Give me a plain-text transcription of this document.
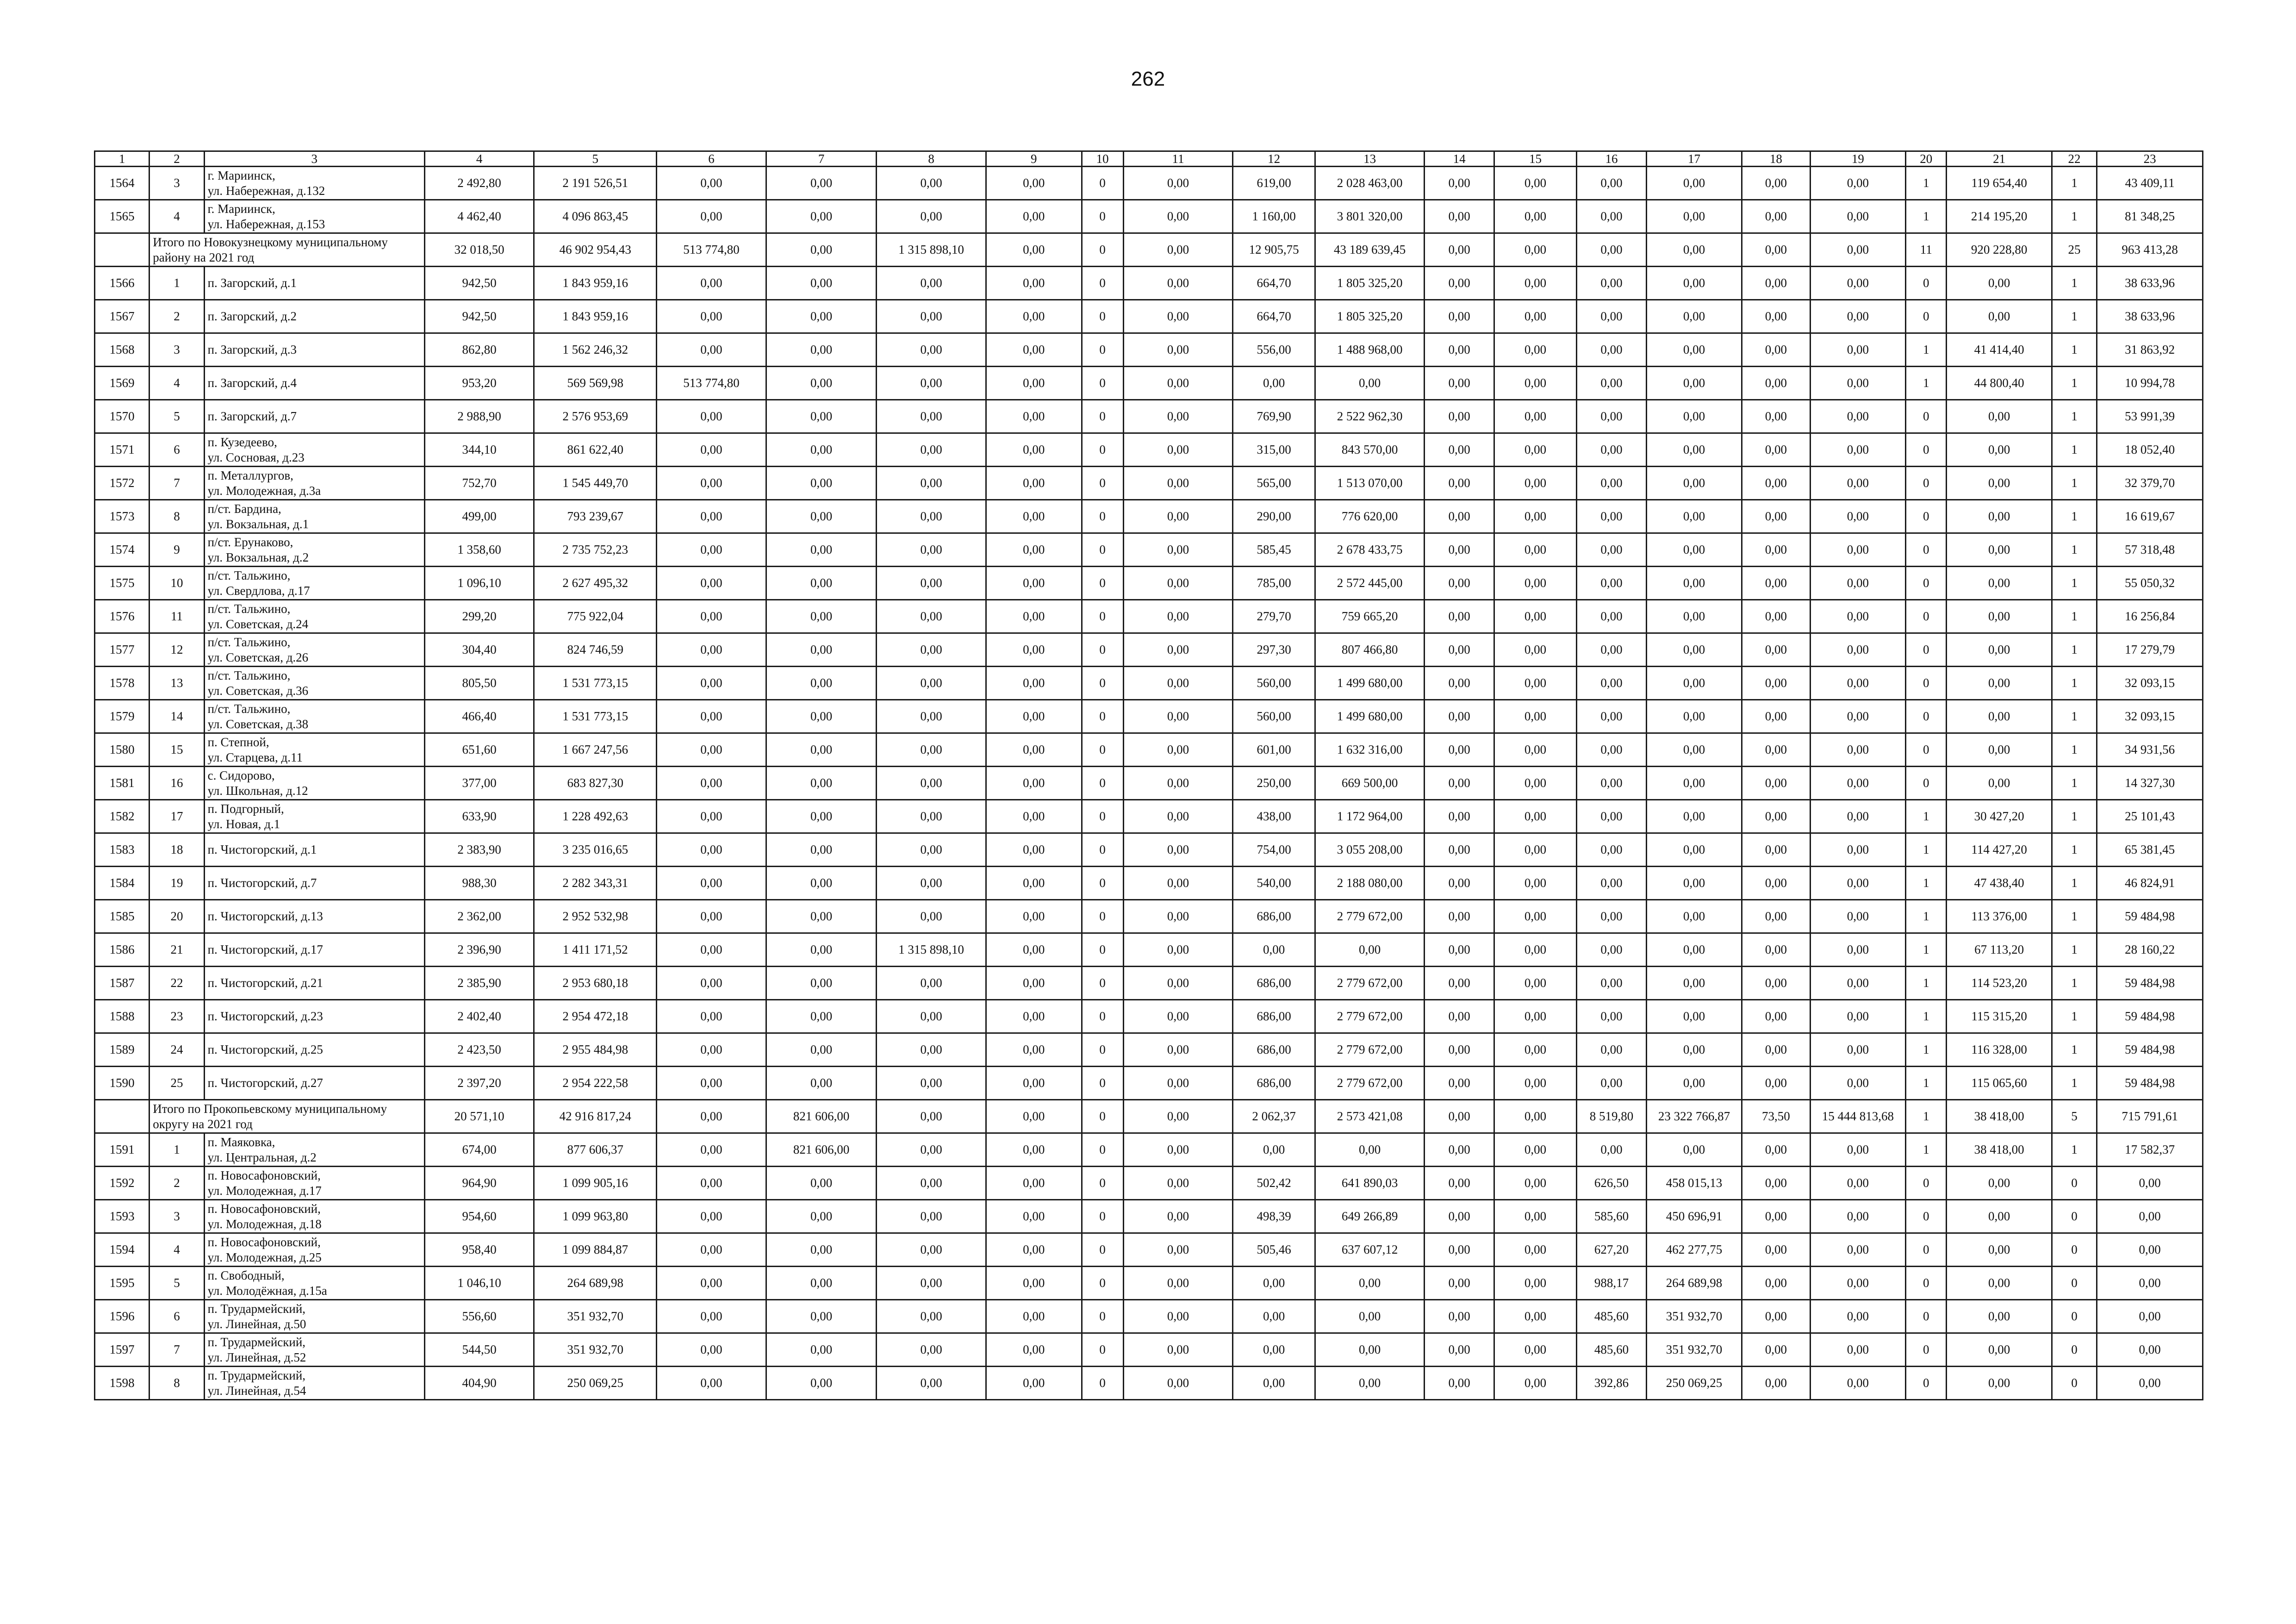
262
1	2	3	4	5	6	7	8	9	10	11	12	13	14	15	16	17	18	19	20	21	22	23
1564	3	г. Мариинск,
ул. Набережная, д.132	2 492,80	2 191 526,51	0,00	0,00	0,00	0,00	0	0,00	619,00	2 028 463,00	0,00	0,00	0,00	0,00	0,00	0,00	1	119 654,40	1	43 409,11
1565	4	г. Мариинск,
ул. Набережная, д.153	4 462,40	4 096 863,45	0,00	0,00	0,00	0,00	0	0,00	1 160,00	3 801 320,00	0,00	0,00	0,00	0,00	0,00	0,00	1	214 195,20	1	81 348,25
	Итого по Новокузнецкому муниципальному району на 2021 год		32 018,50	46 902 954,43	513 774,80	0,00	1 315 898,10	0,00	0	0,00	12 905,75	43 189 639,45	0,00	0,00	0,00	0,00	0,00	0,00	11	920 228,80	25	963 413,28
1566	1	п. Загорский, д.1	942,50	1 843 959,16	0,00	0,00	0,00	0,00	0	0,00	664,70	1 805 325,20	0,00	0,00	0,00	0,00	0,00	0,00	0	0,00	1	38 633,96
1567	2	п. Загорский, д.2	942,50	1 843 959,16	0,00	0,00	0,00	0,00	0	0,00	664,70	1 805 325,20	0,00	0,00	0,00	0,00	0,00	0,00	0	0,00	1	38 633,96
1568	3	п. Загорский, д.3	862,80	1 562 246,32	0,00	0,00	0,00	0,00	0	0,00	556,00	1 488 968,00	0,00	0,00	0,00	0,00	0,00	0,00	1	41 414,40	1	31 863,92
1569	4	п. Загорский, д.4	953,20	569 569,98	513 774,80	0,00	0,00	0,00	0	0,00	0,00	0,00	0,00	0,00	0,00	0,00	0,00	0,00	1	44 800,40	1	10 994,78
1570	5	п. Загорский, д.7	2 988,90	2 576 953,69	0,00	0,00	0,00	0,00	0	0,00	769,90	2 522 962,30	0,00	0,00	0,00	0,00	0,00	0,00	0	0,00	1	53 991,39
1571	6	п. Кузедеево,
ул. Сосновая, д.23	344,10	861 622,40	0,00	0,00	0,00	0,00	0	0,00	315,00	843 570,00	0,00	0,00	0,00	0,00	0,00	0,00	0	0,00	1	18 052,40
1572	7	п. Металлургов,
ул. Молодежная, д.3а	752,70	1 545 449,70	0,00	0,00	0,00	0,00	0	0,00	565,00	1 513 070,00	0,00	0,00	0,00	0,00	0,00	0,00	0	0,00	1	32 379,70
1573	8	п/ст. Бардина,
ул. Вокзальная, д.1	499,00	793 239,67	0,00	0,00	0,00	0,00	0	0,00	290,00	776 620,00	0,00	0,00	0,00	0,00	0,00	0,00	0	0,00	1	16 619,67
1574	9	п/ст. Ерунаково,
ул. Вокзальная, д.2	1 358,60	2 735 752,23	0,00	0,00	0,00	0,00	0	0,00	585,45	2 678 433,75	0,00	0,00	0,00	0,00	0,00	0,00	0	0,00	1	57 318,48
1575	10	п/ст. Тальжино,
ул. Свердлова, д.17	1 096,10	2 627 495,32	0,00	0,00	0,00	0,00	0	0,00	785,00	2 572 445,00	0,00	0,00	0,00	0,00	0,00	0,00	0	0,00	1	55 050,32
1576	11	п/ст. Тальжино,
ул. Советская, д.24	299,20	775 922,04	0,00	0,00	0,00	0,00	0	0,00	279,70	759 665,20	0,00	0,00	0,00	0,00	0,00	0,00	0	0,00	1	16 256,84
1577	12	п/ст. Тальжино,
ул. Советская, д.26	304,40	824 746,59	0,00	0,00	0,00	0,00	0	0,00	297,30	807 466,80	0,00	0,00	0,00	0,00	0,00	0,00	0	0,00	1	17 279,79
1578	13	п/ст. Тальжино,
ул. Советская, д.36	805,50	1 531 773,15	0,00	0,00	0,00	0,00	0	0,00	560,00	1 499 680,00	0,00	0,00	0,00	0,00	0,00	0,00	0	0,00	1	32 093,15
1579	14	п/ст. Тальжино,
ул. Советская, д.38	466,40	1 531 773,15	0,00	0,00	0,00	0,00	0	0,00	560,00	1 499 680,00	0,00	0,00	0,00	0,00	0,00	0,00	0	0,00	1	32 093,15
1580	15	п. Степной,
ул. Старцева, д.11	651,60	1 667 247,56	0,00	0,00	0,00	0,00	0	0,00	601,00	1 632 316,00	0,00	0,00	0,00	0,00	0,00	0,00	0	0,00	1	34 931,56
1581	16	с. Сидорово,
ул. Школьная, д.12	377,00	683 827,30	0,00	0,00	0,00	0,00	0	0,00	250,00	669 500,00	0,00	0,00	0,00	0,00	0,00	0,00	0	0,00	1	14 327,30
1582	17	п. Подгорный,
ул. Новая, д.1	633,90	1 228 492,63	0,00	0,00	0,00	0,00	0	0,00	438,00	1 172 964,00	0,00	0,00	0,00	0,00	0,00	0,00	1	30 427,20	1	25 101,43
1583	18	п. Чистогорский, д.1	2 383,90	3 235 016,65	0,00	0,00	0,00	0,00	0	0,00	754,00	3 055 208,00	0,00	0,00	0,00	0,00	0,00	0,00	1	114 427,20	1	65 381,45
1584	19	п. Чистогорский, д.7	988,30	2 282 343,31	0,00	0,00	0,00	0,00	0	0,00	540,00	2 188 080,00	0,00	0,00	0,00	0,00	0,00	0,00	1	47 438,40	1	46 824,91
1585	20	п. Чистогорский, д.13	2 362,00	2 952 532,98	0,00	0,00	0,00	0,00	0	0,00	686,00	2 779 672,00	0,00	0,00	0,00	0,00	0,00	0,00	1	113 376,00	1	59 484,98
1586	21	п. Чистогорский, д.17	2 396,90	1 411 171,52	0,00	0,00	1 315 898,10	0,00	0	0,00	0,00	0,00	0,00	0,00	0,00	0,00	0,00	0,00	1	67 113,20	1	28 160,22
1587	22	п. Чистогорский, д.21	2 385,90	2 953 680,18	0,00	0,00	0,00	0,00	0	0,00	686,00	2 779 672,00	0,00	0,00	0,00	0,00	0,00	0,00	1	114 523,20	1	59 484,98
1588	23	п. Чистогорский, д.23	2 402,40	2 954 472,18	0,00	0,00	0,00	0,00	0	0,00	686,00	2 779 672,00	0,00	0,00	0,00	0,00	0,00	0,00	1	115 315,20	1	59 484,98
1589	24	п. Чистогорский, д.25	2 423,50	2 955 484,98	0,00	0,00	0,00	0,00	0	0,00	686,00	2 779 672,00	0,00	0,00	0,00	0,00	0,00	0,00	1	116 328,00	1	59 484,98
1590	25	п. Чистогорский, д.27	2 397,20	2 954 222,58	0,00	0,00	0,00	0,00	0	0,00	686,00	2 779 672,00	0,00	0,00	0,00	0,00	0,00	0,00	1	115 065,60	1	59 484,98
	Итого по Прокопьевскому муниципальному округу на 2021 год		20 571,10	42 916 817,24	0,00	821 606,00	0,00	0,00	0	0,00	2 062,37	2 573 421,08	0,00	0,00	8 519,80	23 322 766,87	73,50	15 444 813,68	1	38 418,00	5	715 791,61
1591	1	п. Маяковка,
ул. Центральная, д.2	674,00	877 606,37	0,00	821 606,00	0,00	0,00	0	0,00	0,00	0,00	0,00	0,00	0,00	0,00	0,00	0,00	1	38 418,00	1	17 582,37
1592	2	п. Новосафоновский,
ул. Молодежная, д.17	964,90	1 099 905,16	0,00	0,00	0,00	0,00	0	0,00	502,42	641 890,03	0,00	0,00	626,50	458 015,13	0,00	0,00	0	0,00	0	0,00
1593	3	п. Новосафоновский,
ул. Молодежная, д.18	954,60	1 099 963,80	0,00	0,00	0,00	0,00	0	0,00	498,39	649 266,89	0,00	0,00	585,60	450 696,91	0,00	0,00	0	0,00	0	0,00
1594	4	п. Новосафоновский,
ул. Молодежная, д.25	958,40	1 099 884,87	0,00	0,00	0,00	0,00	0	0,00	505,46	637 607,12	0,00	0,00	627,20	462 277,75	0,00	0,00	0	0,00	0	0,00
1595	5	п. Свободный,
ул. Молодёжная, д.15а	1 046,10	264 689,98	0,00	0,00	0,00	0,00	0	0,00	0,00	0,00	0,00	0,00	988,17	264 689,98	0,00	0,00	0	0,00	0	0,00
1596	6	п. Трудармейский,
ул. Линейная, д.50	556,60	351 932,70	0,00	0,00	0,00	0,00	0	0,00	0,00	0,00	0,00	0,00	485,60	351 932,70	0,00	0,00	0	0,00	0	0,00
1597	7	п. Трудармейский,
ул. Линейная, д.52	544,50	351 932,70	0,00	0,00	0,00	0,00	0	0,00	0,00	0,00	0,00	0,00	485,60	351 932,70	0,00	0,00	0	0,00	0	0,00
1598	8	п. Трудармейский,
ул. Линейная, д.54	404,90	250 069,25	0,00	0,00	0,00	0,00	0	0,00	0,00	0,00	0,00	0,00	392,86	250 069,25	0,00	0,00	0	0,00	0	0,00
